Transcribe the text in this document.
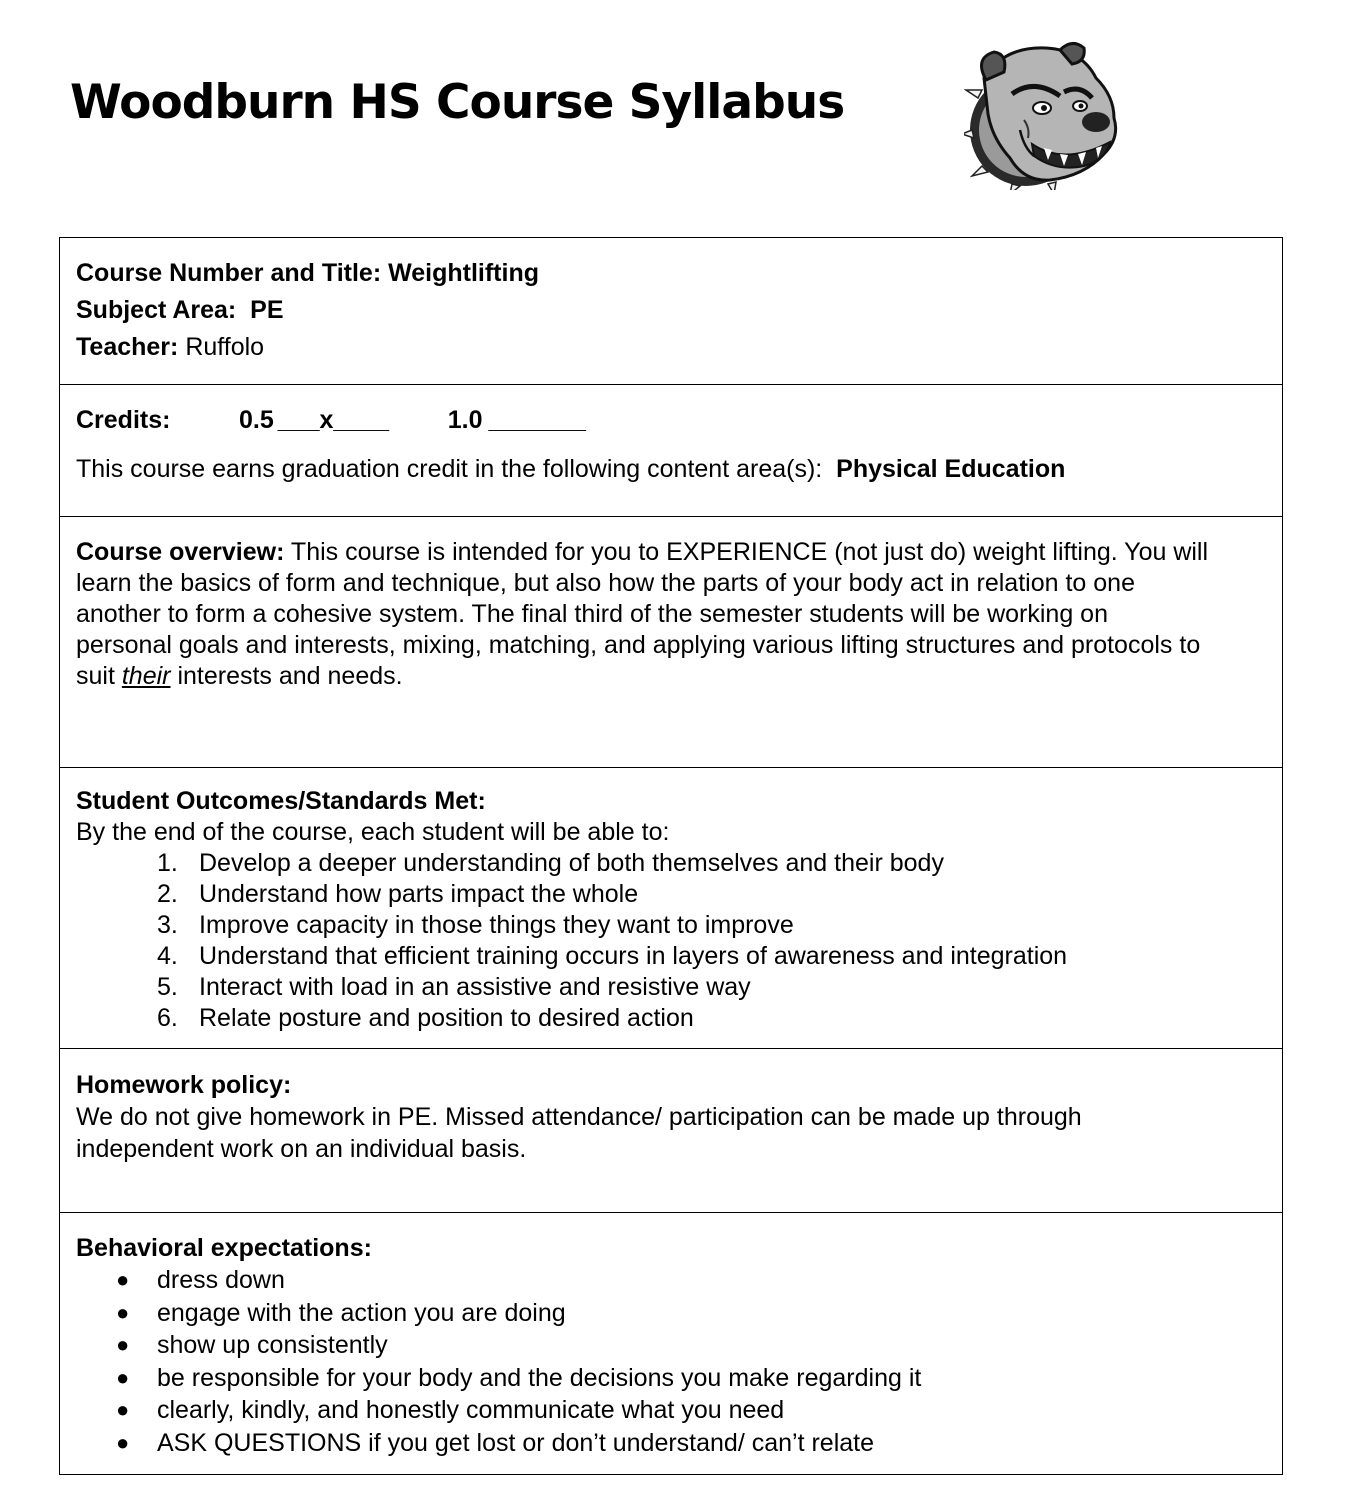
Woodburn HS Course Syllabus
Course Number and Title: Weightlifting
Subject Area: PE
Teacher: Ruffolo
Credits:	0.5 ___x____	1.0 _______
This course earns graduation credit in the following content area(s): Physical Education
Course overview: This course is intended for you to EXPERIENCE (not just do) weight lifting. You will
learn the basics of form and technique, but also how the parts of your body act in relation to one
another to form a cohesive system. The final third of the semester students will be working on
personal goals and interests, mixing, matching, and applying various lifting structures and protocols to
suit their interests and needs.
Student Outcomes/Standards Met:
By the end of the course, each student will be able to:
1. Develop a deeper understanding of both themselves and their body
2. Understand how parts impact the whole
3. Improve capacity in those things they want to improve
4. Understand that efficient training occurs in layers of awareness and integration
5. Interact with load in an assistive and resistive way
6. Relate posture and position to desired action
Homework policy:
We do not give homework in PE. Missed attendance/ participation can be made up through
independent work on an individual basis.
Behavioral expectations:
●	dress down
●	engage with the action you are doing
●	show up consistently
●	be responsible for your body and the decisions you make regarding it
●	clearly, kindly, and honestly communicate what you need
●	ASK QUESTIONS if you get lost or don’t understand/ can’t relate
